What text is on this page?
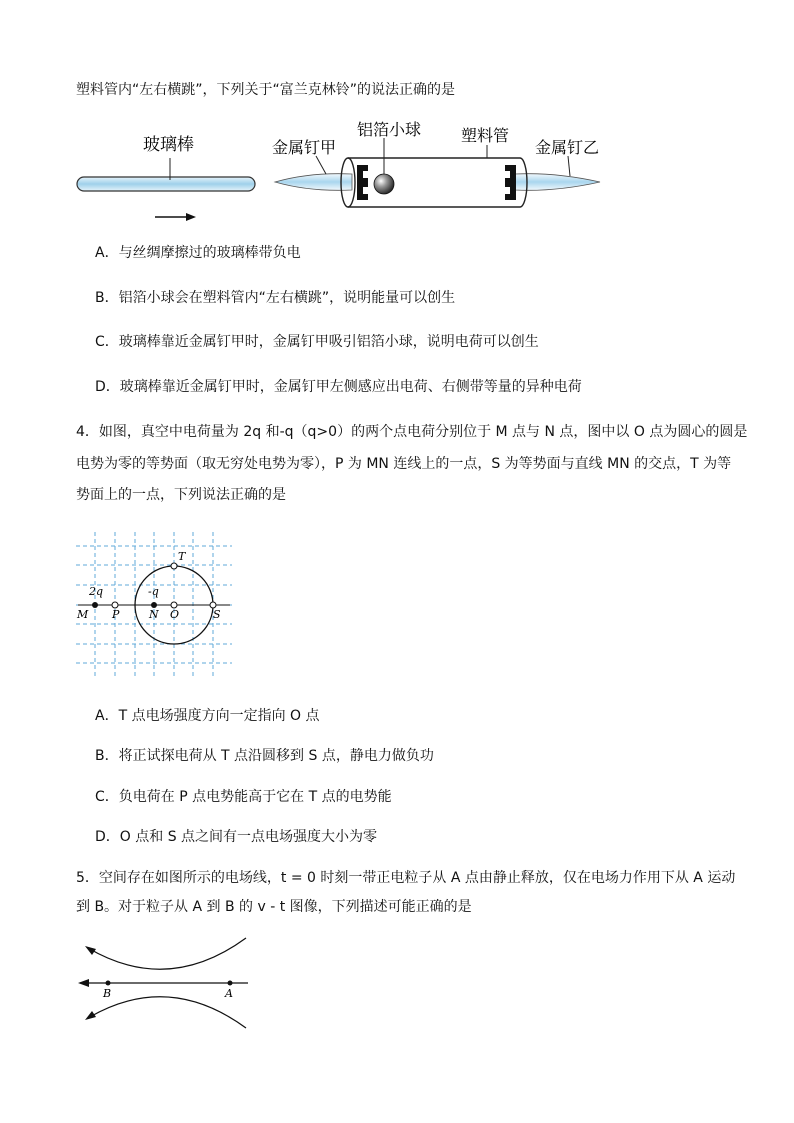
塑料管内“左右横跳”，下列关于“富兰克林铃”的说法正确的是
玻璃棒	金属钉甲
铝箔小球 塑料管
金属钉乙
A．与丝绸摩擦过的玻璃棒带负电
B．铝箔小球会在塑料管内“左右横跳”，说明能量可以创生
C．玻璃棒靠近金属钉甲时，金属钉甲吸引铝箔小球，说明电荷可以创生
D．玻璃棒靠近金属钉甲时，金属钉甲左侧感应出电荷、右侧带等量的异种电荷
4．如图，真空中电荷量为 2q 和-q（q>0）的两个点电荷分别位于 M 点与 N 点，图中以 O 点为圆心的圆是
电势为零的等势面（取无穷处电势为零），P 为 MN 连线上的一点，S 为等势面与直线 MN 的交点，T 为等
势面上的一点，下列说法正确的是
T
2q	-q
M P	N O	S
A．T 点电场强度方向一定指向 O 点
B．将正试探电荷从 T 点沿圆移到 S 点，静电力做负功
C．负电荷在 P 点电势能高于它在 T 点的电势能
D．O 点和 S 点之间有一点电场强度大小为零
5．空间存在如图所示的电场线，t = 0 时刻一带正电粒子从 A 点由静止释放，仅在电场力作用下从 A 运动
到 B。对于粒子从 A 到 B 的 v - t 图像，下列描述可能正确的是
B	A
